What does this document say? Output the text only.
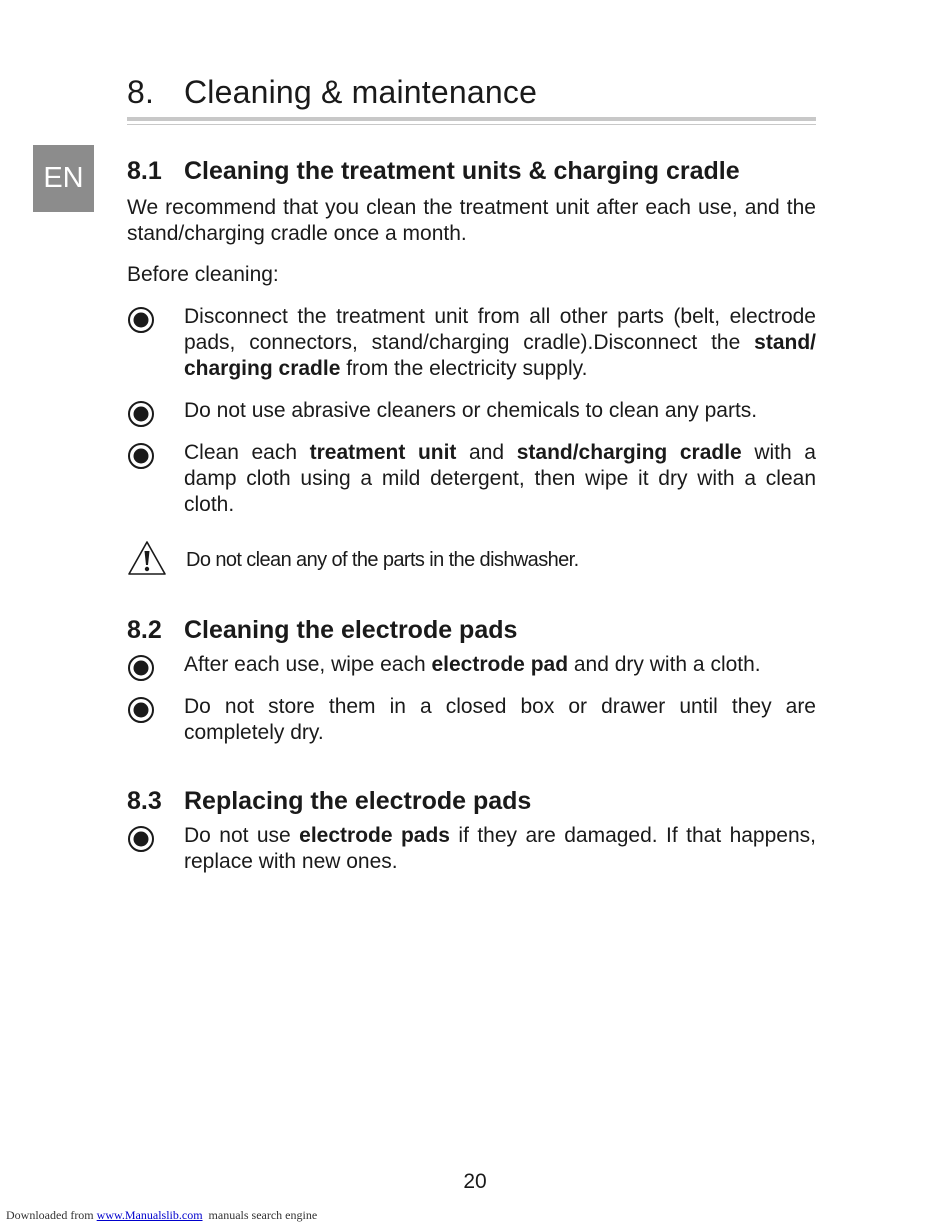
8. Cleaning & maintenance
EN	8.1 Cleaning the treatment units & charging cradle

We recommend that you clean the treatment unit after each use, and the stand/charging cradle once a month.

Before cleaning:

Disconnect the treatment unit from all other parts (belt, electrode pads, connectors, stand/charging cradle).Disconnect the stand/ charging cradle from the electricity supply.
Do not use abrasive cleaners or chemicals to clean any parts.
Clean each treatment unit and stand/charging cradle with a damp cloth using a mild detergent, then wipe it dry with a clean cloth.
Do not clean any of the parts in the dishwasher.
8.2 Cleaning the electrode pads
After each use, wipe each electrode pad and dry with a cloth.
Do not store them in a closed box or drawer until they are completely dry.
8.3 Replacing the electrode pads
Do not use electrode pads if they are damaged. If that happens, replace with new ones.
20
Downloaded from www.Manualslib.com  manuals search engine
